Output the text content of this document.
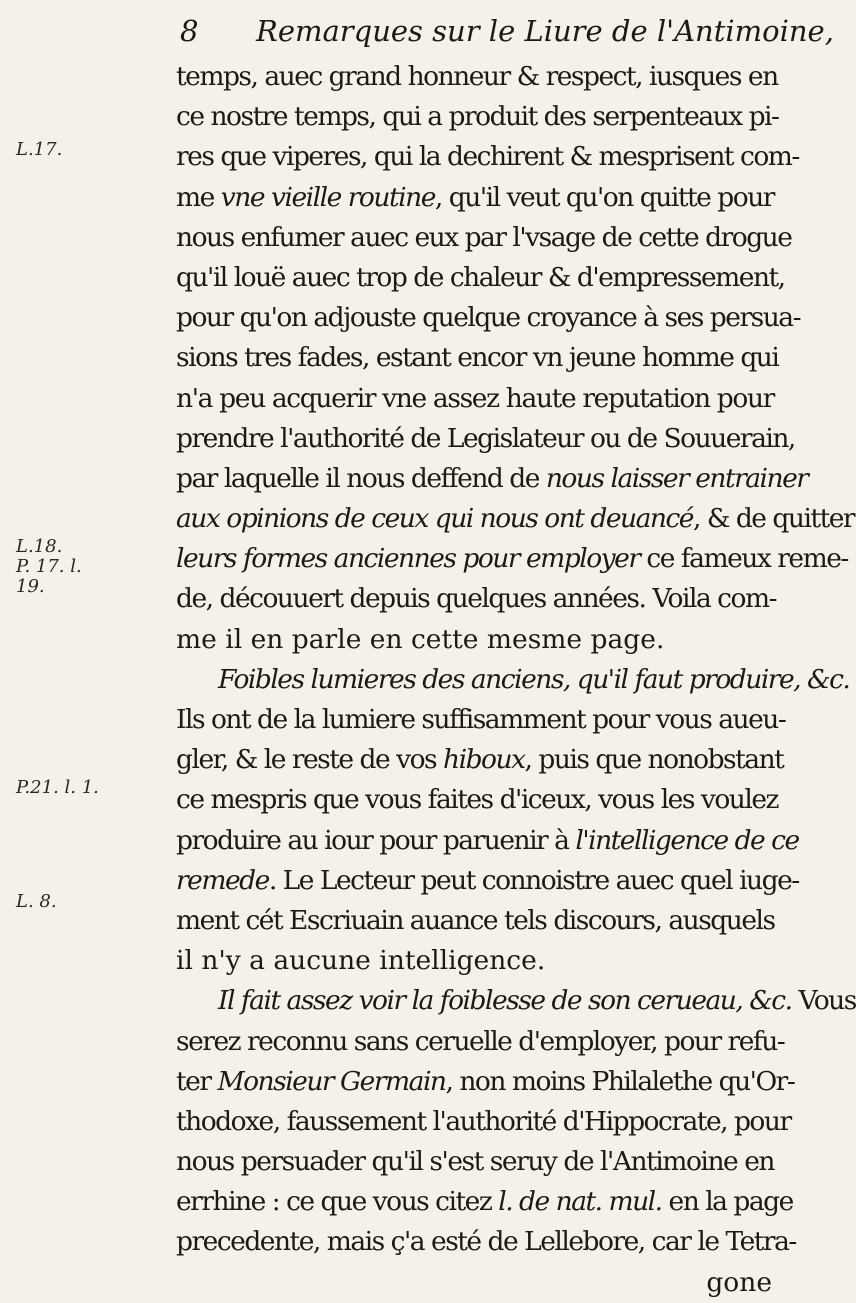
8 Remarques sur le Liure de l'Antimoine,
L.17.
L.18.
P. 17. l.
19.
P.21. l. 1.
L. 8.
temps, auec grand honneur & respect, iusques en
ce nostre temps, qui a produit des serpenteaux pi-
res que viperes, qui la dechirent & mesprisent com-
me vne vieille routine, qu'il veut qu'on quitte pour
nous enfumer auec eux par l'vsage de cette drogue
qu'il louë auec trop de chaleur & d'empressement,
pour qu'on adjouste quelque croyance à ses persua-
sions tres fades, estant encor vn jeune homme qui
n'a peu acquerir vne assez haute reputation pour
prendre l'authorité de Legislateur ou de Souuerain,
par laquelle il nous deffend de nous laisser entrainer
aux opinions de ceux qui nous ont deuancé, & de quitter
leurs formes anciennes pour employer ce fameux reme-
de, découuert depuis quelques années. Voila com-
me il en parle en cette mesme page.
Foibles lumieres des anciens, qu'il faut produire, &c.
Ils ont de la lumiere suffisamment pour vous aueu-
gler, & le reste de vos hiboux, puis que nonobstant
ce mespris que vous faites d'iceux, vous les voulez
produire au iour pour paruenir à l'intelligence de ce
remede. Le Lecteur peut connoistre auec quel iuge-
ment cét Escriuain auance tels discours, ausquels
il n'y a aucune intelligence.
Il fait assez voir la foiblesse de son cerueau, &c. Vous
serez reconnu sans ceruelle d'employer, pour refu-
ter Monsieur Germain, non moins Philalethe qu'Or-
thodoxe, faussement l'authorité d'Hippocrate, pour
nous persuader qu'il s'est seruy de l'Antimoine en
errhine : ce que vous citez l. de nat. mul. en la page
precedente, mais ç'a esté de Lellebore, car le Tetra-
gone
